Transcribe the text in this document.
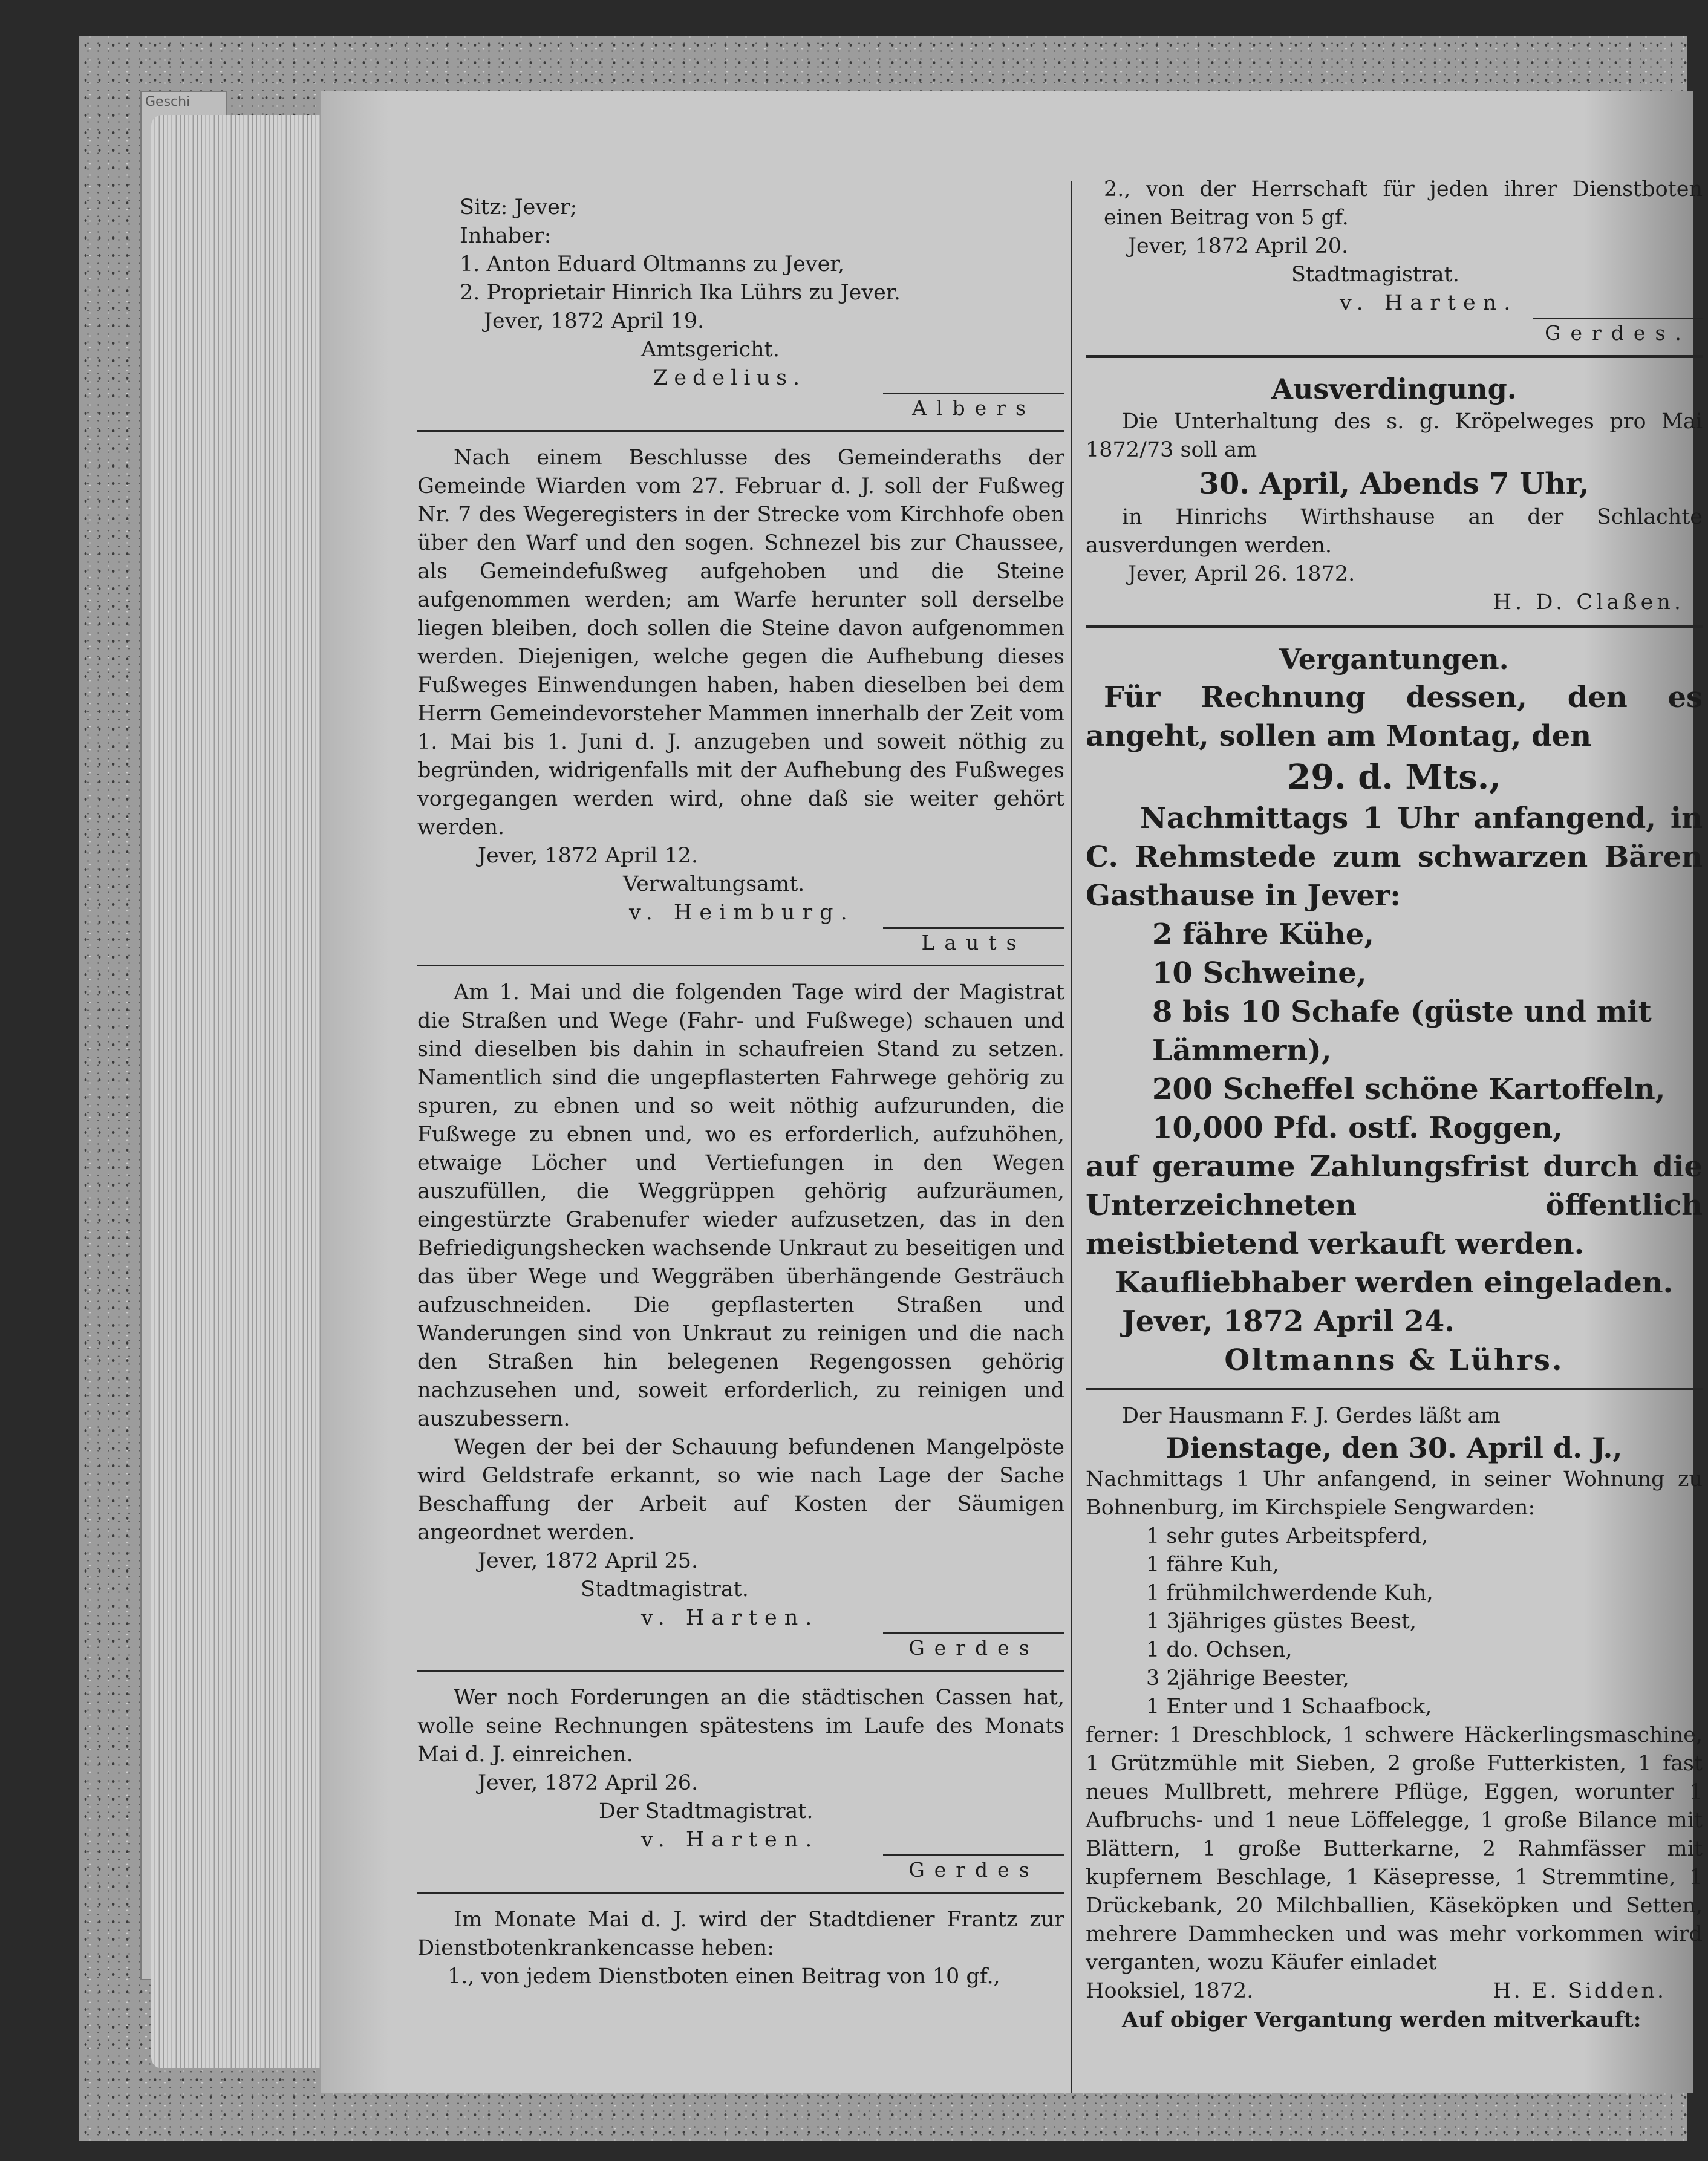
Geschi

Sitz: Jever;

Inhaber:

1. Anton Eduard Oltmanns zu Jever,

2. Proprietair Hinrich Ika Lührs zu Jever.

Jever, 1872 April 19.

Amtsgericht.

Zedelius.
Albers

Nach einem Beschlusse des Gemeinderaths der Gemeinde Wiarden vom 27. Februar d. J. soll der Fußweg Nr. 7 des Wegeregisters in der Strecke vom Kirchhofe oben über den Warf und den sogen. Schnezel bis zur Chaussee, als Gemeindefußweg aufgehoben und die Steine aufgenommen werden; am Warfe herunter soll derselbe liegen bleiben, doch sollen die Steine davon aufgenommen werden. Diejenigen, welche gegen die Aufhebung dieses Fußweges Einwendungen haben, haben dieselben bei dem Herrn Gemeindevorsteher Mammen innerhalb der Zeit vom 1. Mai bis 1. Juni d. J. anzugeben und soweit nöthig zu begründen, widrigenfalls mit der Aufhebung des Fußweges vorgegangen werden wird, ohne daß sie weiter gehört werden.

Jever, 1872 April 12.

Verwaltungsamt.

v. Heimburg.

Lauts

Am 1. Mai und die folgenden Tage wird der Magistrat die Straßen und Wege (Fahr- und Fußwege) schauen und sind dieselben bis dahin in schaufreien Stand zu setzen. Namentlich sind die ungepflasterten Fahrwege gehörig zu spuren, zu ebnen und so weit nöthig aufzurunden, die Fußwege zu ebnen und, wo es erforderlich, aufzuhöhen, etwaige Löcher und Vertiefungen in den Wegen auszufüllen, die Weggrüppen gehörig aufzuräumen, eingestürzte Grabenufer wieder aufzusetzen, das in den Befriedigungshecken wachsende Unkraut zu beseitigen und das über Wege und Weggräben überhängende Gesträuch aufzuschneiden. Die gepflasterten Straßen und Wanderungen sind von Unkraut zu reinigen und die nach den Straßen hin belegenen Regengossen gehörig nachzusehen und, soweit erforderlich, zu reinigen und auszubessern.

Wegen der bei der Schauung befundenen Mangelpöste wird Geldstrafe erkannt, so wie nach Lage der Sache Beschaffung der Arbeit auf Kosten der Säumigen angeordnet werden.

Jever, 1872 April 25.

Stadtmagistrat.

v. Harten.

Gerdes

Wer noch Forderungen an die städtischen Cassen hat, wolle seine Rechnungen spätestens im Laufe des Monats Mai d. J. einreichen.

Jever, 1872 April 26.

Der Stadtmagistrat.

v. Harten.

Gerdes

Im Monate Mai d. J. wird der Stadtdiener Frantz zur Dienstbotenkrankencasse heben:

1., von jedem Dienstboten einen Beitrag von 10 gf.,

2., von der Herrschaft für jeden ihrer Dienstboten einen Beitrag von 5 gf.

Jever, 1872 April 20.

Stadtmagistrat.

v. Harten.

Gerdes.
Ausverdingung.

Die Unterhaltung des s. g. Kröpelweges pro Mai 1872/73 soll am

30. April, Abends 7 Uhr,

in Hinrichs Wirthshause an der Schlachte ausverdungen werden.

Jever, April 26. 1872.

H. D. Claßen.

Vergantungen.
Für Rechnung dessen, den es angeht, sollen am Montag, den
29. d. Mts.,
Nachmittags 1 Uhr anfangend, in C. Rehmstede zum schwarzen Bären Gasthause in Jever:
2 fähre Kühe,
10 Schweine,
8 bis 10 Schafe (güste und mit Lämmern),
200 Scheffel schöne Kartoffeln,
10,000 Pfd. ostf. Roggen,
auf geraume Zahlungsfrist durch die Unterzeichneten öffentlich meistbietend verkauft werden.
Kaufliebhaber werden eingeladen.
Jever, 1872 April 24.
Oltmanns & Lührs.

Der Hausmann F. J. Gerdes läßt am

Dienstage, den 30. April d. J.,

Nachmittags 1 Uhr anfangend, in seiner Wohnung zu Bohnenburg, im Kirchspiele Sengwarden:

1 sehr gutes Arbeitspferd,

1 fähre Kuh,

1 frühmilchwerdende Kuh,

1 3jähriges güstes Beest,

1 do. Ochsen,

3 2jährige Beester,

1 Enter und 1 Schaafbock,

ferner: 1 Dreschblock, 1 schwere Häckerlingsmaschine, 1 Grützmühle mit Sieben, 2 große Futterkisten, 1 fast neues Mullbrett, mehrere Pflüge, Eggen, worunter 1 Aufbruchs- und 1 neue Löffelegge, 1 große Bilance mit Blättern, 1 große Butterkarne, 2 Rahmfässer mit kupfernem Beschlage, 1 Käsepresse, 1 Stremmtine, 1 Drückebank, 20 Milchballien, Käseköpken und Setten, mehrere Dammhecken und was mehr vorkommen wird verganten, wozu Käufer einladet

Hooksiel, 1872.	H. E. Sidden.

Auf obiger Vergantung werden mitverkauft:
